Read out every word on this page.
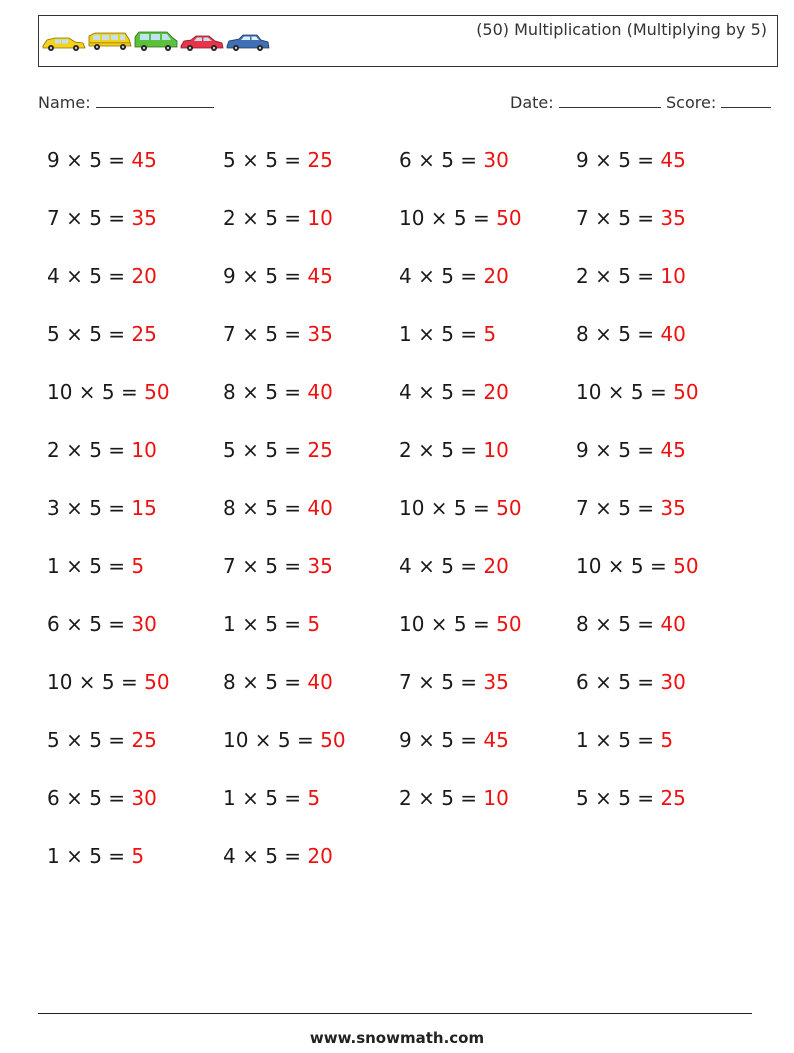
(50) Multiplication (Multiplying by 5)
Name:	Date:	Score:
9 × 5 = 45	5 × 5 = 25	6 × 5 = 30	9 × 5 = 45
7 × 5 = 35	2 × 5 = 10	10 × 5 = 50	7 × 5 = 35
4 × 5 = 20	9 × 5 = 45	4 × 5 = 20	2 × 5 = 10
5 × 5 = 25	7 × 5 = 35	1 × 5 = 5	8 × 5 = 40
10 × 5 = 50	8 × 5 = 40	4 × 5 = 20	10 × 5 = 50
2 × 5 = 10	5 × 5 = 25	2 × 5 = 10	9 × 5 = 45
3 × 5 = 15	8 × 5 = 40	10 × 5 = 50	7 × 5 = 35
1 × 5 = 5	7 × 5 = 35	4 × 5 = 20	10 × 5 = 50
6 × 5 = 30	1 × 5 = 5	10 × 5 = 50	8 × 5 = 40
10 × 5 = 50	8 × 5 = 40	7 × 5 = 35	6 × 5 = 30
5 × 5 = 25	10 × 5 = 50	9 × 5 = 45	1 × 5 = 5
6 × 5 = 30	1 × 5 = 5	2 × 5 = 10	5 × 5 = 25
1 × 5 = 5	4 × 5 = 20
www.snowmath.com
